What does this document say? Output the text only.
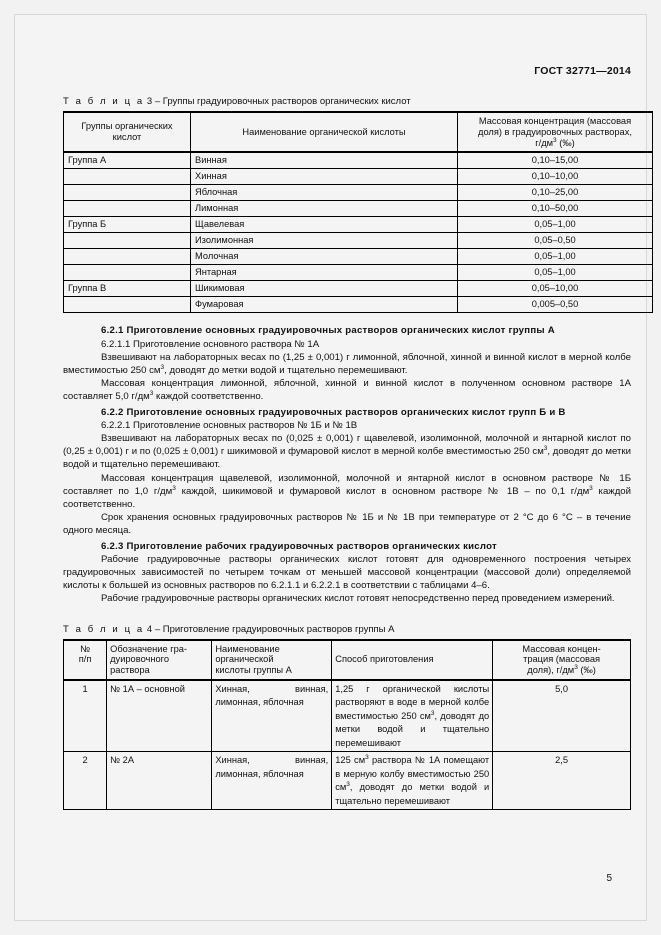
ГОСТ 32771—2014
Т а б л и ц а 3 – Группы градуировочных растворов органических кислот
Группы органических кислот	Наименование органической кислоты	Массовая концентрация (массовая
доля) в градуировочных растворах,
$г/дм^3$ (‰)
Группа А	Винная	0,10–15,00
	Хинная	0,10–10,00
	Яблочная	0,10–25,00
	Лимонная	0,10–50,00
Группа Б	Щавелевая	0,05–1,00
	Изолимонная	0,05–0,50
	Молочная	0,05–1,00
	Янтарная	0,05–1,00
Группа В	Шикимовая	0,05–10,00
	Фумаровая	0,005–0,50

6.2.1 Приготовление основных градуировочных растворов органических кислот группы А

6.2.1.1 Приготовление основного раствора № 1А

Взвешивают на лабораторных весах по (1,25 ± 0,001) г лимонной, яблочной, хинной и винной кислот в мерной колбе вместимостью 250 $см^3$, доводят до метки водой и тщательно перемешивают.

Массовая концентрация лимонной, яблочной, хинной и винной кислот в полученном основном растворе 1А составляет 5,0 $г/дм^3$ каждой соответственно.

6.2.2 Приготовление основных градуировочных растворов органических кислот групп Б и В

6.2.2.1 Приготовление основных растворов № 1Б и № 1В

Взвешивают на лабораторных весах по (0,025 ± 0,001) г щавелевой, изолимонной, молочной и янтарной кислот по (0,25 ± 0,001) г и по (0,025 ± 0,001) г шикимовой и фумаровой кислот в мерной колбе вместимостью 250 $см^3$, доводят до метки водой и тщательно перемешивают.

Массовая концентрация щавелевой, изолимонной, молочной и янтарной кислот в основном растворе № 1Б составляет по 1,0 $г/дм^3$ каждой, шикимовой и фумаровой кислот в основном растворе № 1В – по 0,1 $г/дм^3$ каждой соответственно.

Срок хранения основных градуировочных растворов № 1Б и № 1В при температуре от 2 °С до 6 °С – в течение одного месяца.

6.2.3 Приготовление рабочих градуировочных растворов органических кислот

Рабочие градуировочные растворы органических кислот готовят для одновременного построения четырех градуировочных зависимостей по четырем точкам от меньшей массовой концентрации (массовой доли) определяемой кислоты к большей из основных растворов по 6.2.1.1 и 6.2.2.1 в соответствии с таблицами 4–6.

Рабочие градуировочные растворы органических кислот готовят непосредственно перед проведением измерений.

Т а б л и ц а 4 – Приготовление градуировочных растворов группы А
№
п/п	Обозначение гра-
дуировочного
раствора	Наименование
органической
кислоты группы А	Способ приготовления	Массовая концен-
трация (массовая
доля), $г/дм^3$ (‰)
1	№ 1А – основной	Хинная, винная, лимонная, яблочная	1,25 г органической кислоты растворяют в воде в мерной колбе вместимостью 250 $см^3$, доводят до метки водой и тщательно перемешивают	5,0
2	№ 2А	Хинная, винная, лимонная, яблочная	125 $см^3$ раствора № 1А помещают в мерную колбу вместимостью 250 $см^3$, доводят до метки водой и тщательно перемешивают	2,5
5
